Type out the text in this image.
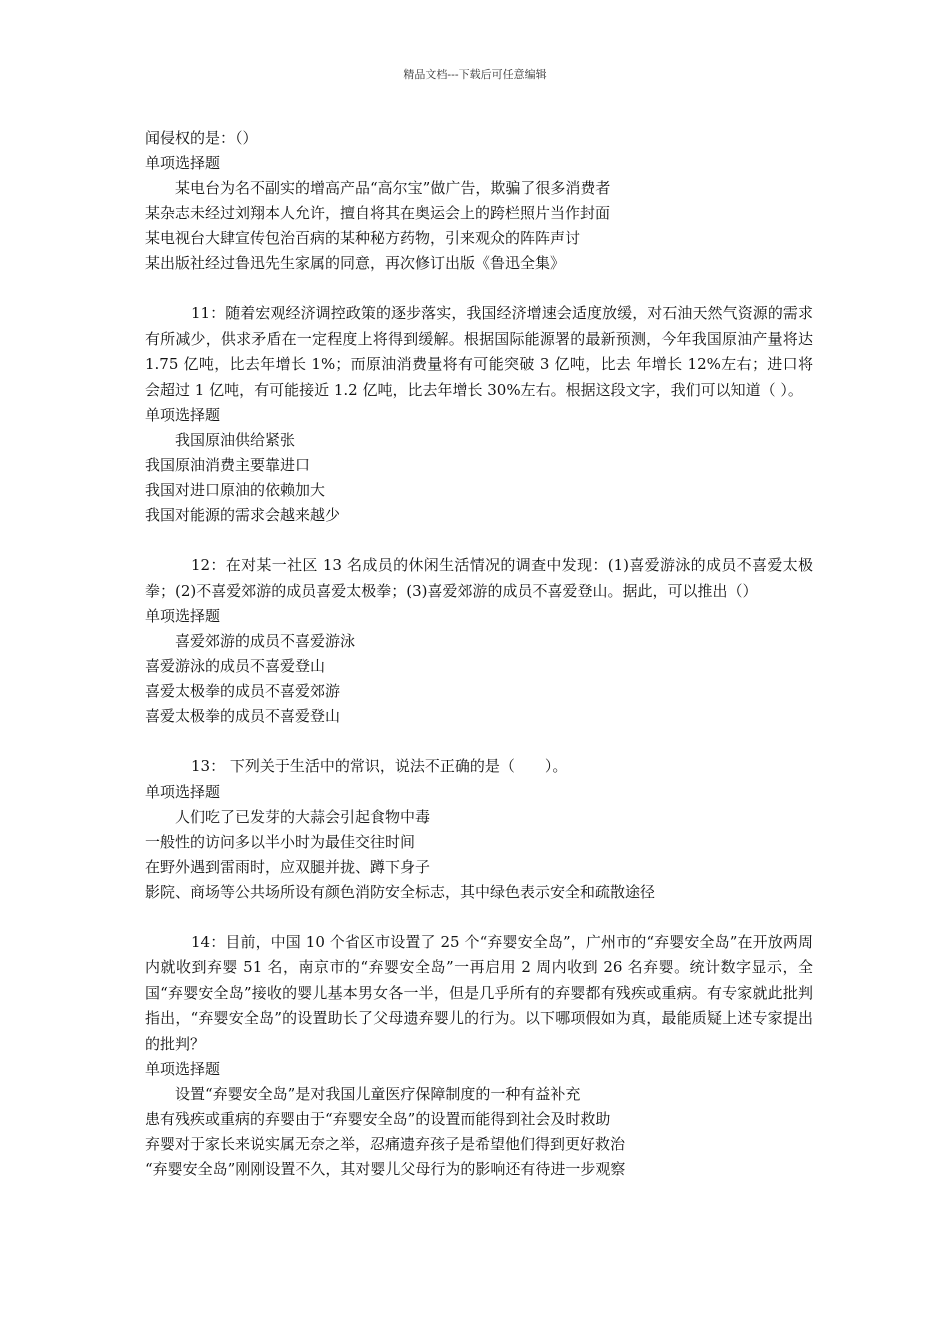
精品文档---下载后可任意编辑

闻侵权的是：（）

单项选择题

某电台为名不副实的增高产品“高尔宝”做广告，欺骗了很多消费者

某杂志未经过刘翔本人允许，擅自将其在奥运会上的跨栏照片当作封面

某电视台大肆宣传包治百病的某种秘方药物，引来观众的阵阵声讨

某出版社经过鲁迅先生家属的同意，再次修订出版《鲁迅全集》

11：随着宏观经济调控政策的逐步落实，我国经济增速会适度放缓，对石油天然气资源的需求有所减少，供求矛盾在一定程度上将得到缓解。根据国际能源署的最新预测，今年我国原油产量将达 1.75 亿吨，比去年增长 1%；而原油消费量将有可能突破 3 亿吨，比去 年增长 12%左右；进口将会超过 1 亿吨，有可能接近 1.2 亿吨，比去年增长 30%左右。根据这段文字，我们可以知道（ ）。

单项选择题

我国原油供给紧张

我国原油消费主要靠进口

我国对进口原油的依赖加大

我国对能源的需求会越来越少

12：在对某一社区 13 名成员的休闲生活情况的调查中发现：(1)喜爱游泳的成员不喜爱太极拳；(2)不喜爱郊游的成员喜爱太极拳；(3)喜爱郊游的成员不喜爱登山。据此，可以推出（）

单项选择题

喜爱郊游的成员不喜爱游泳

喜爱游泳的成员不喜爱登山

喜爱太极拳的成员不喜爱郊游

喜爱太极拳的成员不喜爱登山

13： 下列关于生活中的常识，说法不正确的是（　　）。

单项选择题

人们吃了已发芽的大蒜会引起食物中毒

一般性的访问多以半小时为最佳交往时间

在野外遇到雷雨时，应双腿并拢、蹲下身子

影院、商场等公共场所设有颜色消防安全标志，其中绿色表示安全和疏散途径

14：目前，中国 10 个省区市设置了 25 个“弃婴安全岛”，广州市的“弃婴安全岛”在开放两周内就收到弃婴 51 名，南京市的“弃婴安全岛”一再启用 2 周内收到 26 名弃婴。统计数字显示，全国“弃婴安全岛”接收的婴儿基本男女各一半，但是几乎所有的弃婴都有残疾或重病。有专家就此批判指出，“弃婴安全岛”的设置助长了父母遗弃婴儿的行为。以下哪项假如为真，最能质疑上述专家提出的批判？

单项选择题

设置“弃婴安全岛”是对我国儿童医疗保障制度的一种有益补充

患有残疾或重病的弃婴由于“弃婴安全岛”的设置而能得到社会及时救助

弃婴对于家长来说实属无奈之举，忍痛遗弃孩子是希望他们得到更好救治

“弃婴安全岛”刚刚设置不久，其对婴儿父母行为的影响还有待进一步观察
